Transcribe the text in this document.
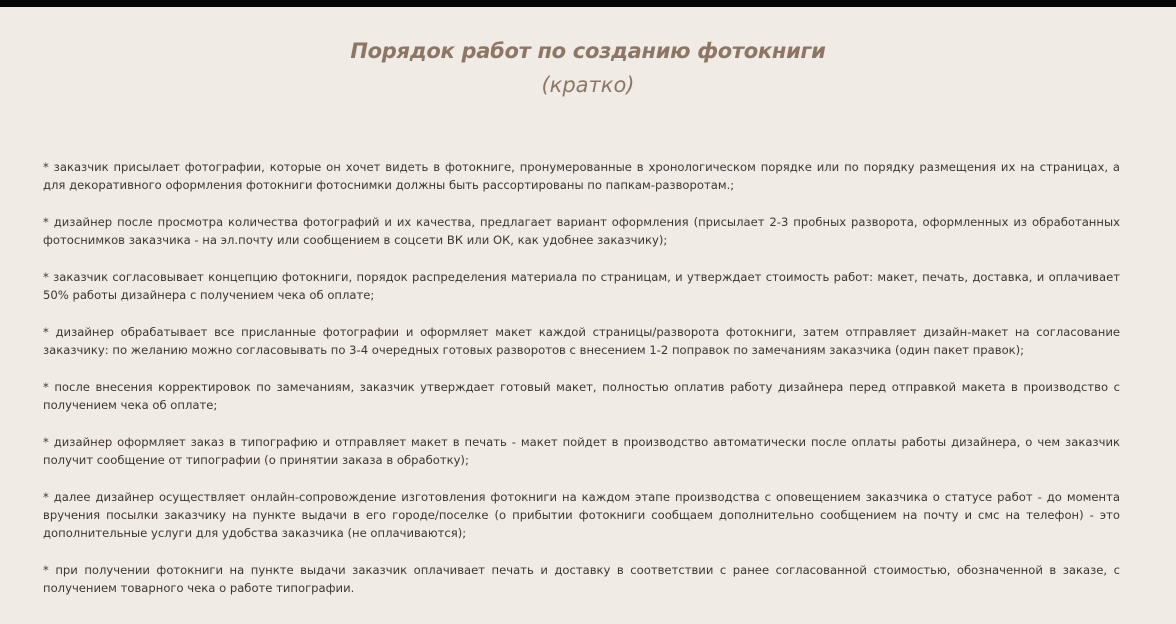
Порядок работ по созданию фотокниги
(кратко)

* заказчик присылает фотографии, которые он хочет видеть в фотокниге, пронумерованные в хронологическом порядке или по порядку размещения их на страницах, а для декоративного оформления фотокниги фотоснимки должны быть рассортированы по папкам-разворотам.;

* дизайнер после просмотра количества фотографий и их качества, предлагает вариант оформления (присылает 2-3 пробных разворота, оформленных из обработанных фотоснимков заказчика - на эл.почту или сообщением в соцсети ВК или ОК, как удобнее заказчику);

* заказчик согласовывает концепцию фотокниги, порядок распределения материала по страницам, и утверждает стоимость работ: макет, печать, доставка, и оплачивает 50% работы дизайнера с получением чека об оплате;

* дизайнер обрабатывает все присланные фотографии и оформляет макет каждой страницы/разворота фотокниги, затем отправляет дизайн-макет на согласование заказчику: по желанию можно согласовывать по 3-4 очередных готовых разворотов с внесением 1-2 поправок по замечаниям заказчика (один пакет правок);

* после внесения корректировок по замечаниям, заказчик утверждает готовый макет, полностью оплатив работу дизайнера перед отправкой макета в производство с получением чека об оплате;

* дизайнер оформляет заказ в типографию и отправляет макет в печать - макет пойдет в производство автоматически после оплаты работы дизайнера, о чем заказчик получит сообщение от типографии (о принятии заказа в обработку);

* далее дизайнер осуществляет онлайн-сопровождение изготовления фотокниги на каждом этапе производства с оповещением заказчика о статусе работ - до момента вручения посылки заказчику на пункте выдачи в его городе/поселке (о прибытии фотокниги сообщаем дополнительно сообщением на почту и смс на телефон) - это дополнительные услуги для удобства заказчика (не оплачиваются);

* при получении фотокниги на пункте выдачи заказчик оплачивает печать и доставку в соответствии с ранее согласованной стоимостью, обозначенной в заказе, с получением товарного чека о работе типографии.
